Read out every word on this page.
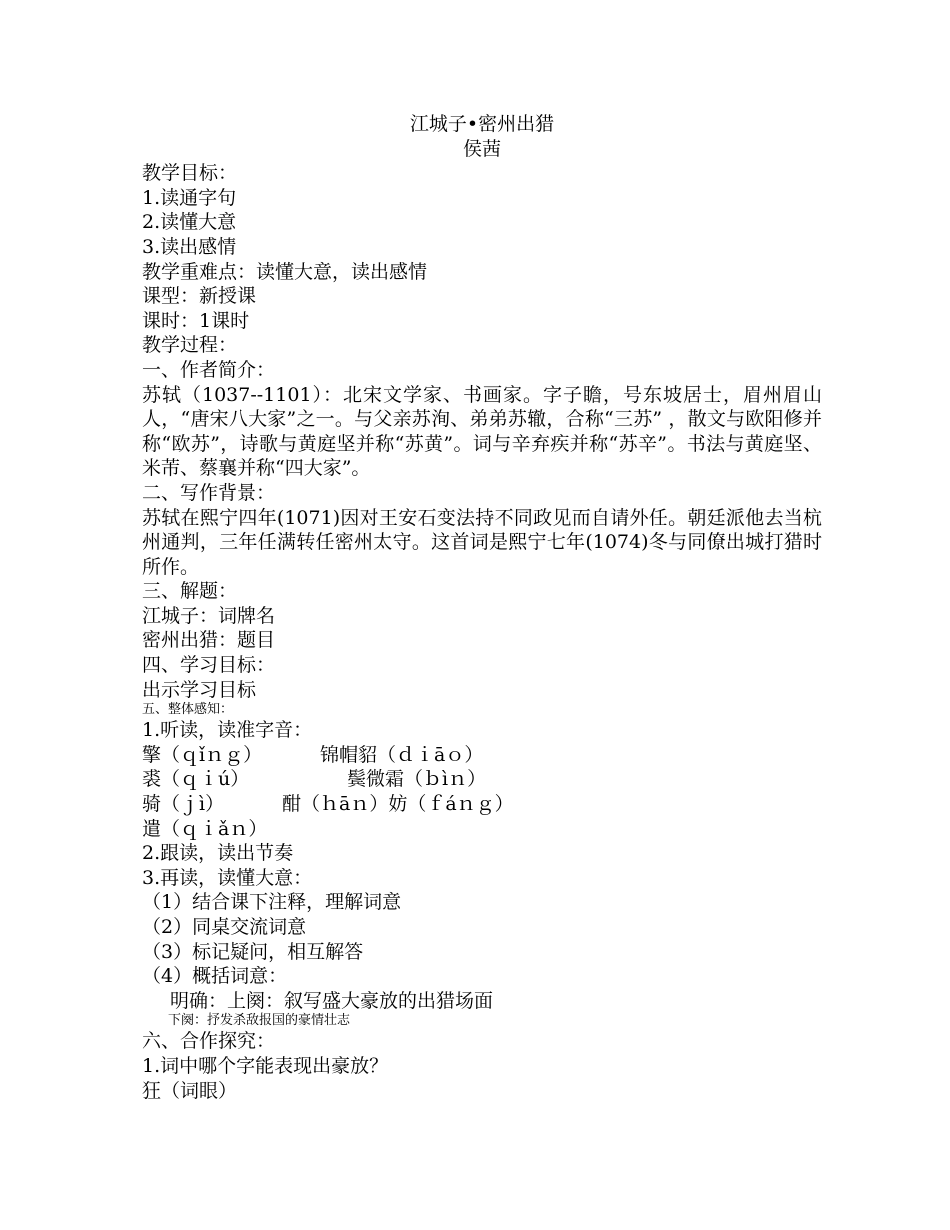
江城子•密州出猎
侯茜
教学目标：
1.读通字句
2.读懂大意
3.读出感情
教学重难点：读懂大意，读出感情
课型：新授课
课时：1课时
教学过程：
一、作者简介：
苏轼（1037--1101）：北宋文学家、书画家。字子瞻，号东坡居士，眉州眉山人，“唐宋八大家”之一。与父亲苏洵、弟弟苏辙，合称“三苏” ，散文与欧阳修并称“欧苏”，诗歌与黄庭坚并称“苏黄”。词与辛弃疾并称“苏辛”。书法与黄庭坚、米芾、蔡襄并称“四大家”。
二、写作背景：
苏轼在熙宁四年(1071)因对王安石变法持不同政见而自请外任。朝廷派他去当杭州通判，三年任满转任密州太守。这首词是熙宁七年(1074)冬与同僚出城打猎时所作。
三、解题：
江城子：词牌名
密州出猎：题目
四、学习目标：
出示学习目标
五、整体感知：
1.听读，读准字音：
擎（ｑǐｎｇ）	锦帽貂（ｄｉāｏ）
裘（ｑｉú）	鬓微霜（ｂìｎ）
骑（ｊì）	酣（ｈāｎ）妨（ｆáｎｇ）
遣（ｑｉǎｎ）
2.跟读，读出节奏
3.再读，读懂大意：
（1）结合课下注释，理解词意
（2）同桌交流词意
（3）标记疑问，相互解答
（4）概括词意：
明确：上阕：叙写盛大豪放的出猎场面
下阕：抒发杀敌报国的豪情壮志
六、合作探究：
1.词中哪个字能表现出豪放？
狂（词眼）
